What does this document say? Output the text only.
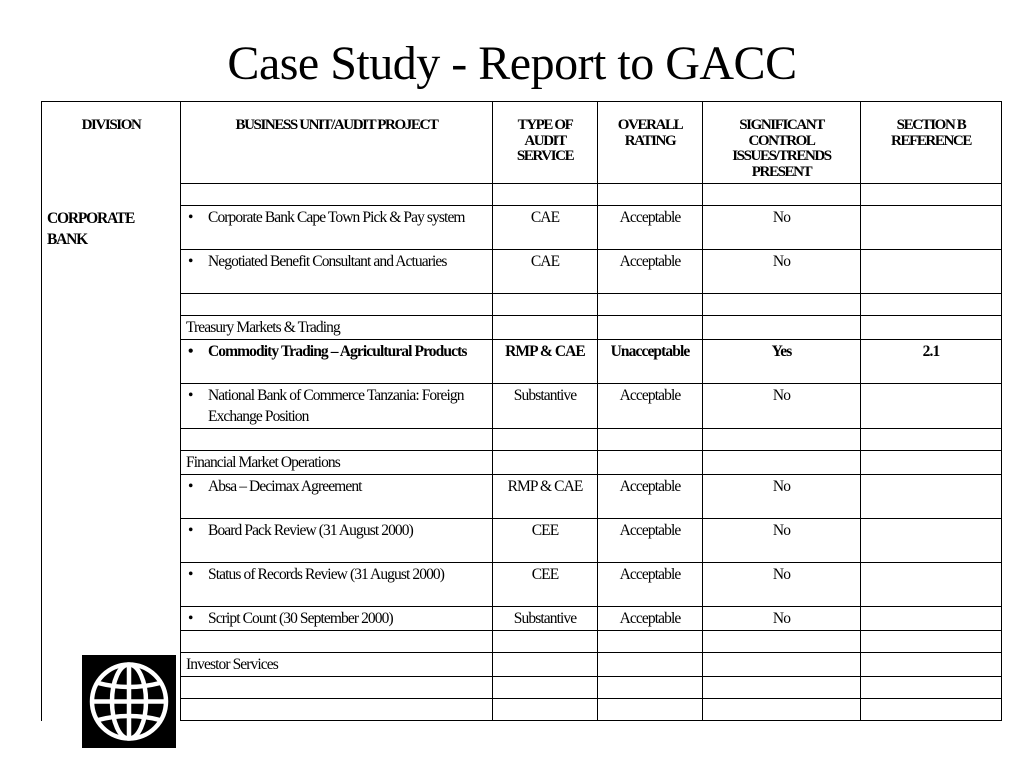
Case Study - Report to GACC
DIVISION	BUSINESS UNIT/AUDIT PROJECT	TYPE OF AUDIT SERVICE	OVERALL RATING	SIGNIFICANT CONTROL ISSUES/TRENDS PRESENT	SECTION B REFERENCE

CORPORATE BANK	• Corporate Bank Cape Town Pick & Pay system	CAE	Acceptable	No	

	• Negotiated Benefit Consultant and Actuaries	CAE	Acceptable	No	

	Treasury Markets & Trading				

	• Commodity Trading – Agricultural Products	RMP & CAE	Unacceptable	Yes	2.1

	• National Bank of Commerce Tanzania: Foreign Exchange Position	Substantive	Acceptable	No	

	Financial Market Operations				

	• Absa – Decimax Agreement	RMP & CAE	Acceptable	No	

	• Board Pack Review (31 August 2000)	CEE	Acceptable	No	

	• Status of Records Review (31 August 2000)	CEE	Acceptable	No	

	• Script Count (30 September 2000)	Substantive	Acceptable	No	

	Investor Services				
